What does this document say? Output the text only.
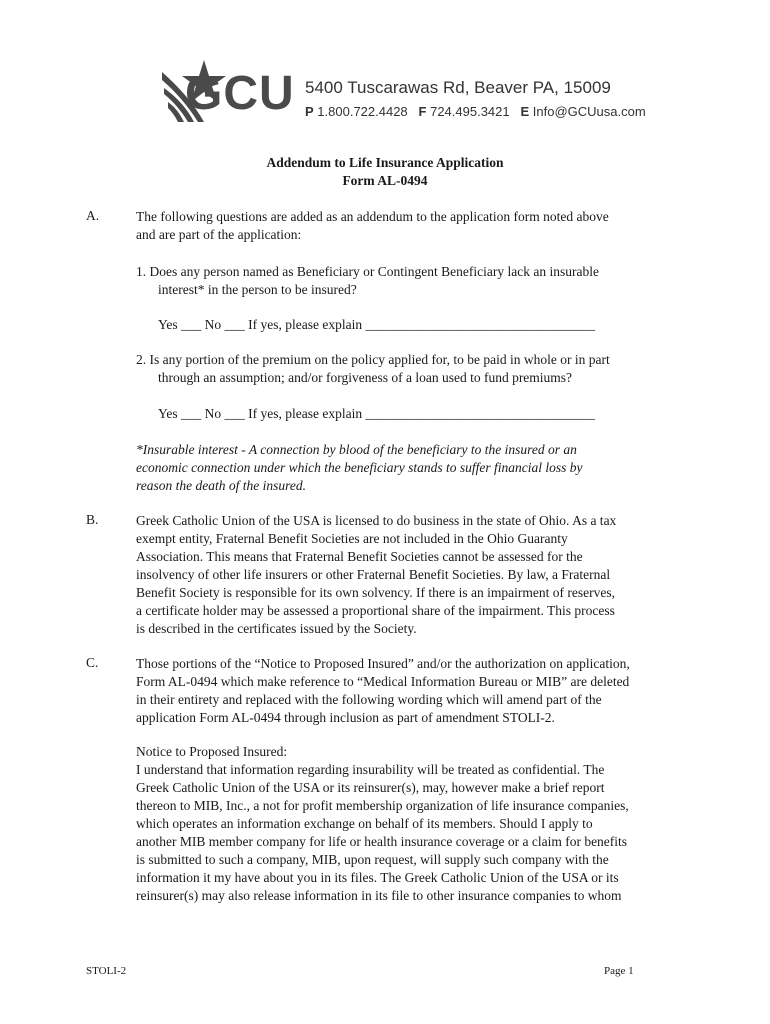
GCU 5400 Tuscarawas Rd, Beaver PA, 15009
P 1.800.722.4428 F 724.495.3421 E Info@GCUusa.com
Addendum to Life Insurance Application
Form AL-0494
A.	The following questions are added as an addendum to the application form noted above
and are part of the application:
1. Does any person named as Beneficiary or Contingent Beneficiary lack an insurable
interest* in the person to be insured?
Yes ___ No ___ If yes, please explain __________________________________
2. Is any portion of the premium on the policy applied for, to be paid in whole or in part
through an assumption; and/or forgiveness of a loan used to fund premiums?
Yes ___ No ___ If yes, please explain __________________________________
*Insurable interest - A connection by blood of the beneficiary to the insured or an
economic connection under which the beneficiary stands to suffer financial loss by
reason the death of the insured.
B.	Greek Catholic Union of the USA is licensed to do business in the state of Ohio. As a tax
exempt entity, Fraternal Benefit Societies are not included in the Ohio Guaranty
Association. This means that Fraternal Benefit Societies cannot be assessed for the
insolvency of other life insurers or other Fraternal Benefit Societies. By law, a Fraternal
Benefit Society is responsible for its own solvency. If there is an impairment of reserves,
a certificate holder may be assessed a proportional share of the impairment. This process
is described in the certificates issued by the Society.
C.	Those portions of the “Notice to Proposed Insured” and/or the authorization on application,
Form AL-0494 which make reference to “Medical Information Bureau or MIB” are deleted
in their entirety and replaced with the following wording which will amend part of the
application Form AL-0494 through inclusion as part of amendment STOLI-2.
Notice to Proposed Insured:
I understand that information regarding insurability will be treated as confidential. The
Greek Catholic Union of the USA or its reinsurer(s), may, however make a brief report
thereon to MIB, Inc., a not for profit membership organization of life insurance companies,
which operates an information exchange on behalf of its members. Should I apply to
another MIB member company for life or health insurance coverage or a claim for benefits
is submitted to such a company, MIB, upon request, will supply such company with the
information it my have about you in its files. The Greek Catholic Union of the USA or its
reinsurer(s) may also release information in its file to other insurance companies to whom
STOLI-2	Page 1
